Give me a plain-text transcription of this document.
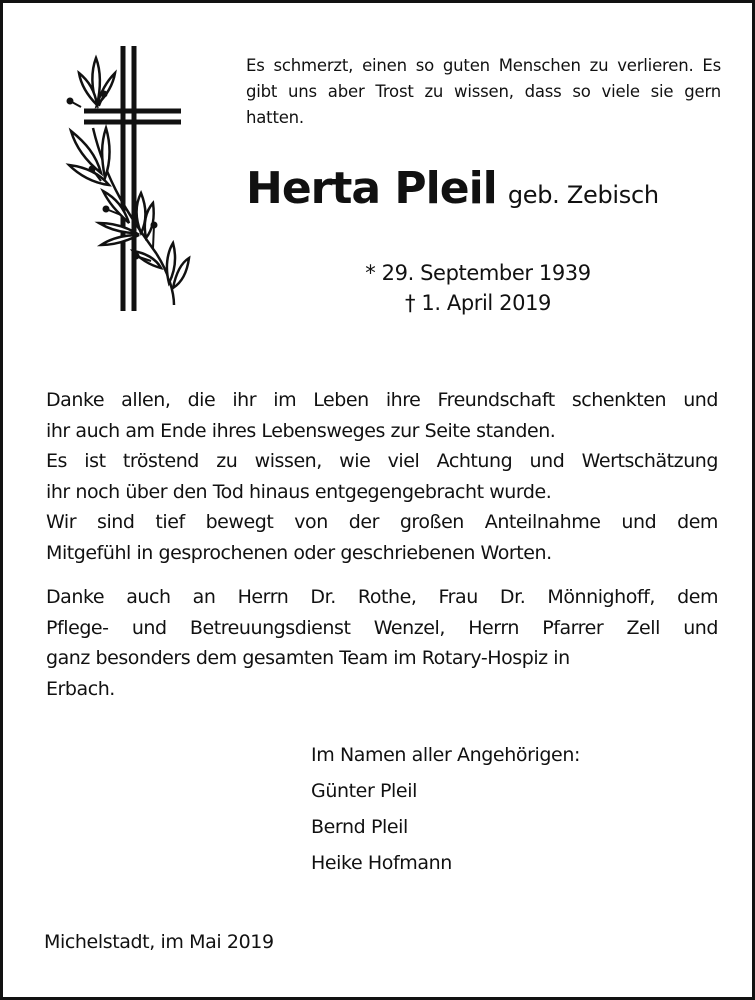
Es schmerzt, einen so guten Menschen zu verlieren. Es gibt uns aber Trost zu wissen, dass so viele sie gern hatten.
Herta Pleil geb. Zebisch
* 29. September 1939
† 1. April 2019
Danke allen, die ihr im Leben ihre Freundschaft schenkten und
ihr auch am Ende ihres Lebensweges zur Seite standen.
Es ist tröstend zu wissen, wie viel Achtung und Wertschätzung
ihr noch über den Tod hinaus entgegengebracht wurde.
Wir sind tief bewegt von der großen Anteilnahme und dem
Mitgefühl in gesprochenen oder geschriebenen Worten.
Danke auch an Herrn Dr. Rothe, Frau Dr. Mönnighoff, dem
Pflege- und Betreuungsdienst Wenzel, Herrn Pfarrer Zell und
ganz besonders dem gesamten Team im Rotary-Hospiz in
Erbach.
Im Namen aller Angehörigen:
Günter Pleil
Bernd Pleil
Heike Hofmann
Michelstadt, im Mai 2019
